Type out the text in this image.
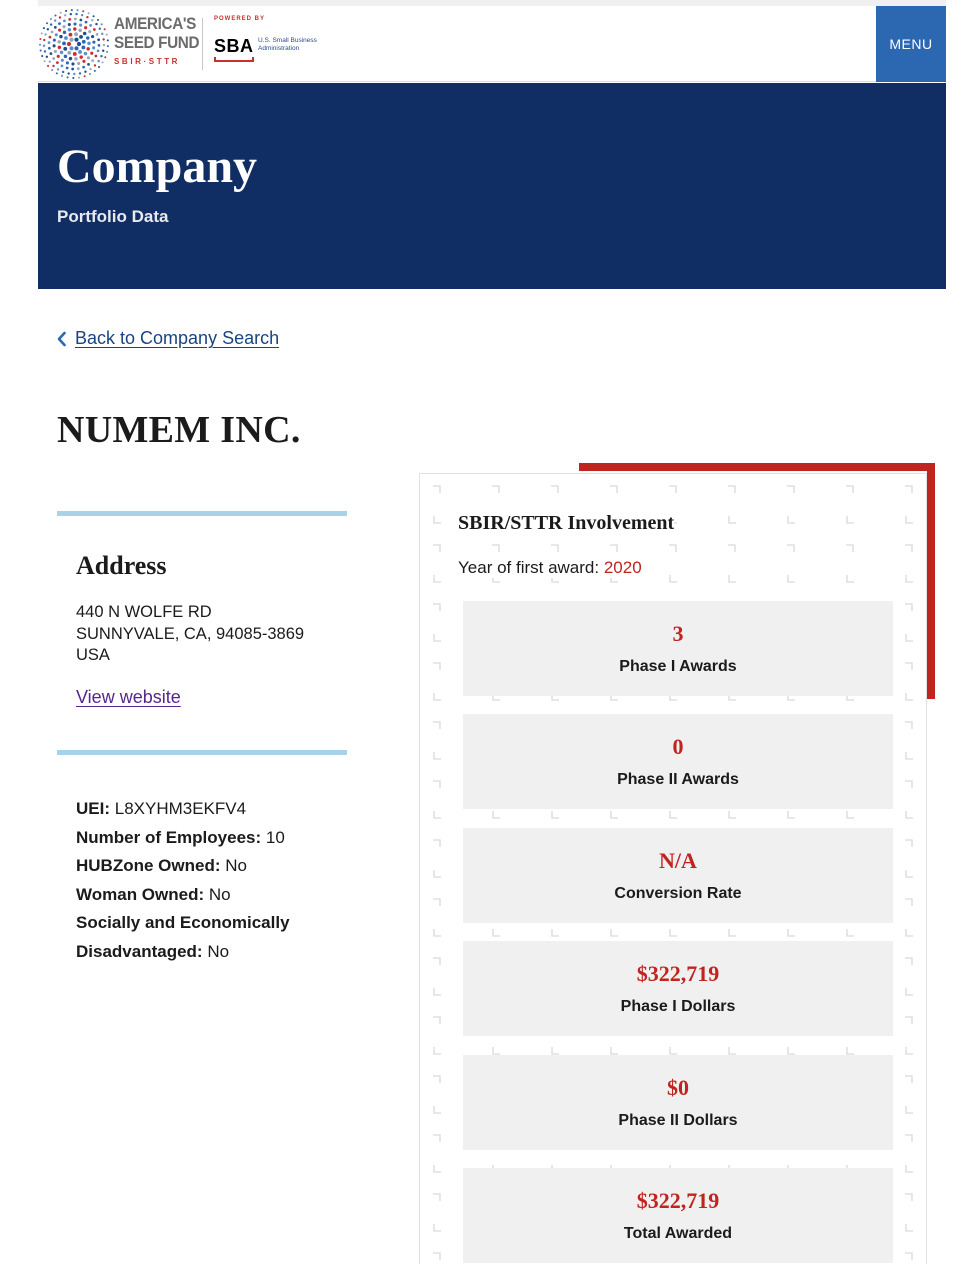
AMERICA'S
SEED FUND
SBIR·STTR
POWERED BY
SBA U.S. Small Business
Administration	MENU
Company
Portfolio Data
Back to Company Search
NUMEM INC.
Address
440 N WOLFE RD
SUNNYVALE, CA, 94085-3869
USA
View website
UEI: L8XYHM3EKFV4
Number of Employees: 10
HUBZone Owned: No
Woman Owned: No
Socially and Economically Disadvantaged: No
SBIR/STTR Involvement
Year of first award: 2020
3
Phase I Awards
0
Phase II Awards
N/A
Conversion Rate
$322,719
Phase I Dollars
$0
Phase II Dollars
$322,719
Total Awarded
